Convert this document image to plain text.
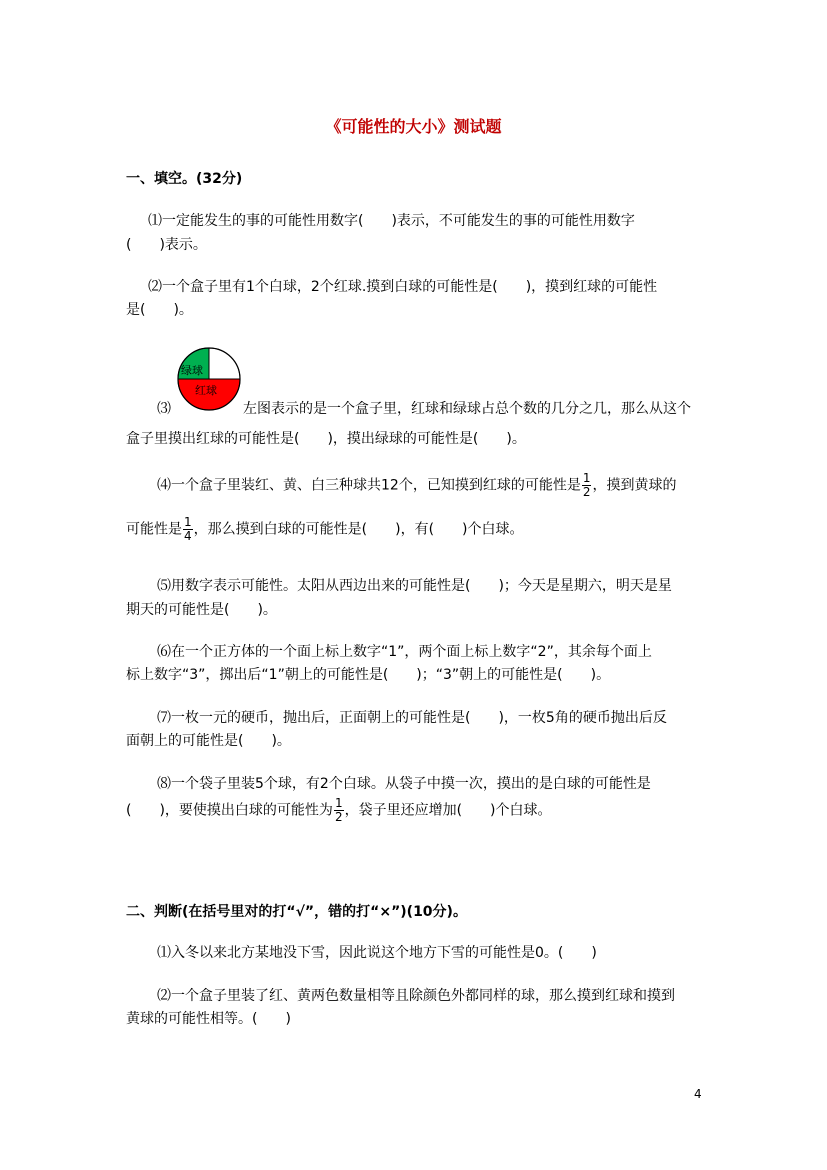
《可能性的大小》测试题
一、填空。(32分)
⑴一定能发生的事的可能性用数字(　　)表示，不可能发生的事的可能性用数字
(　　)表示。
⑵一个盒子里有1个白球，2个红球.摸到白球的可能性是(　　)，摸到红球的可能性
是(　　)。
绿球
红球
⑶	左图表示的是一个盒子里，红球和绿球占总个数的几分之几，那么从这个
盒子里摸出红球的可能性是(　　)，摸出绿球的可能性是(　　)。
⑷一个盒子里装红、黄、白三种球共12个，已知摸到红球的可能性是 $\frac{1}{2}$ ，摸到黄球的
可能性是 $\frac{1}{4}$ ，那么摸到白球的可能性是(　　)，有(　　)个白球。
⑸用数字表示可能性。太阳从西边出来的可能性是(　　)；今天是星期六，明天是星
期天的可能性是(　　)。
⑹在一个正方体的一个面上标上数字“1”，两个面上标上数字“2”，其余每个面上
标上数字“3”，掷出后“1”朝上的可能性是(　　)；“3”朝上的可能性是(　　)。
⑺一枚一元的硬币，抛出后，正面朝上的可能性是(　　)，一枚5角的硬币抛出后反
面朝上的可能性是(　　)。
⑻一个袋子里装5个球，有2个白球。从袋子中摸一次，摸出的是白球的可能性是
(　　)，要使摸出白球的可能性为 $\frac{1}{2}$ ，袋子里还应增加(　　)个白球。
二、判断(在括号里对的打“√”，错的打“×”)(10分)。
⑴入冬以来北方某地没下雪，因此说这个地方下雪的可能性是0。(　　)
⑵一个盒子里装了红、黄两色数量相等且除颜色外都同样的球，那么摸到红球和摸到
黄球的可能性相等。(　　)
4
